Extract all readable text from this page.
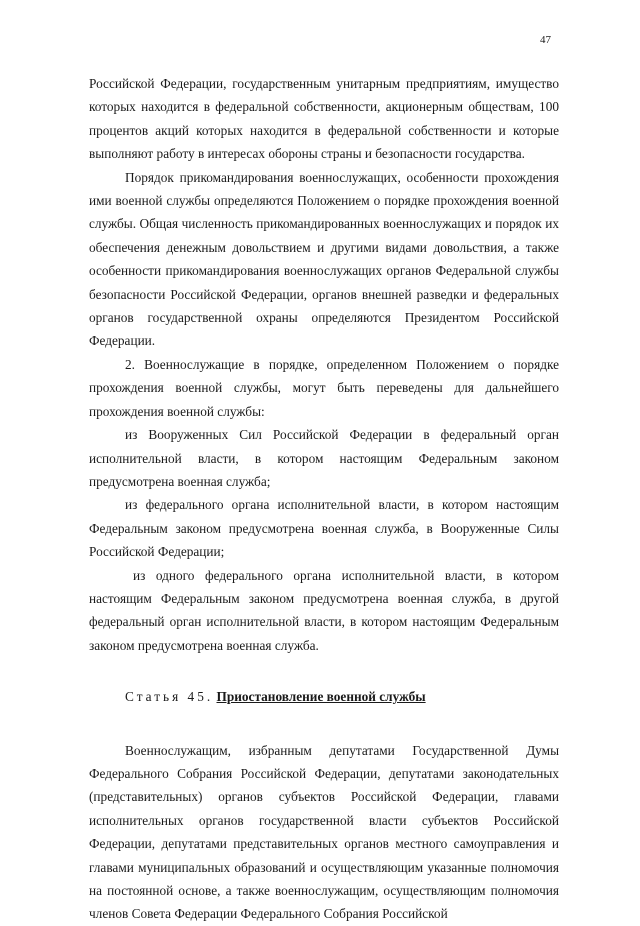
47

Российской Федерации, государственным унитарным предприятиям, имущество которых находится в федеральной собственности, акционерным обществам, 100 процентов акций которых находится в федеральной собственности и которые выполняют работу в интересах обороны страны и безопасности государства.

Порядок прикомандирования военнослужащих, особенности прохождения ими военной службы определяются Положением о порядке прохождения военной службы. Общая численность прикомандированных военнослужащих и порядок их обеспечения денежным довольствием и другими видами довольствия, а также особенности прикомандирования военнослужащих органов Федеральной службы безопасности Российской Федерации, органов внешней разведки и федеральных органов государственной охраны определяются Президентом Российской Федерации.

2. Военнослужащие в порядке, определенном Положением о порядке прохождения военной службы, могут быть переведены для дальнейшего прохождения военной службы:

из Вооруженных Сил Российской Федерации в федеральный орган исполнительной власти, в котором настоящим Федеральным законом предусмотрена военная служба;

из федерального органа исполнительной власти, в котором настоящим Федеральным законом предусмотрена военная служба, в Вооруженные Силы Российской Федерации;

из одного федерального органа исполнительной власти, в котором настоящим Федеральным законом предусмотрена военная служба, в другой федеральный орган исполнительной власти, в котором настоящим Федеральным законом предусмотрена военная служба.

Статья 45. Приостановление военной службы

Военнослужащим, избранным депутатами Государственной Думы Федерального Собрания Российской Федерации, депутатами законодательных (представительных) органов субъектов Российской Федерации, главами исполнительных органов государственной власти субъектов Российской Федерации, депутатами представительных органов местного самоуправления и главами муниципальных образований и осуществляющим указанные полномочия на постоянной основе, а также военнослужащим, осуществляющим полномочия членов Совета Федерации Федерального Собрания Российской
